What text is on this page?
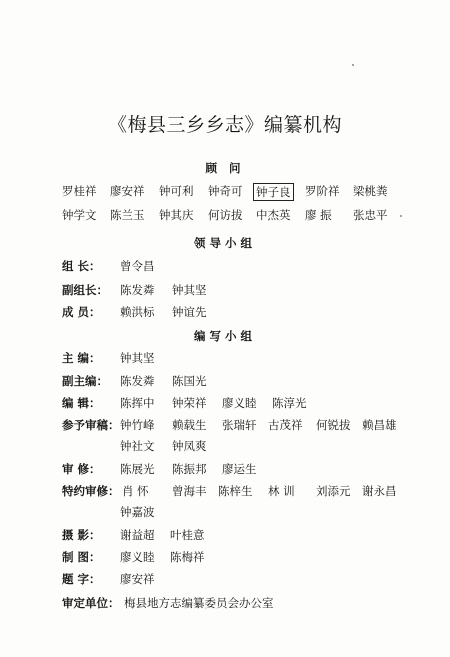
《梅县三乡乡志》编纂机构
顾 问
罗桂祥 廖安祥 钟可利 钟奇可 钟子良 罗阶祥 梁桃粪
钟学文 陈兰玉 钟其庆 何访拔 中杰英 廖 振 张忠平
领导小组
组 长： 曾令昌
副组长： 陈发粦 钟其坚
成 员： 赖洪标 钟谊先
编写小组
主 编： 钟其坚
副主编： 陈发粦 陈国光
编 辑： 陈挥中 钟荣祥 廖义睦 陈淳光
参予审稿： 钟竹峰 赖载生 张瑞轩 古茂祥 何锐拔 赖昌雄
钟社文 钟凤爽
审 修： 陈展光 陈振邦 廖运生
特约审修： 肖 怀 曾海丰 陈梓生 林 训 刘添元 谢永昌
钟嘉波
摄 影： 谢益超 叶桂意
制 图： 廖义睦 陈梅祥
题 字： 廖安祥
审定单位： 梅县地方志编纂委员会办公室
